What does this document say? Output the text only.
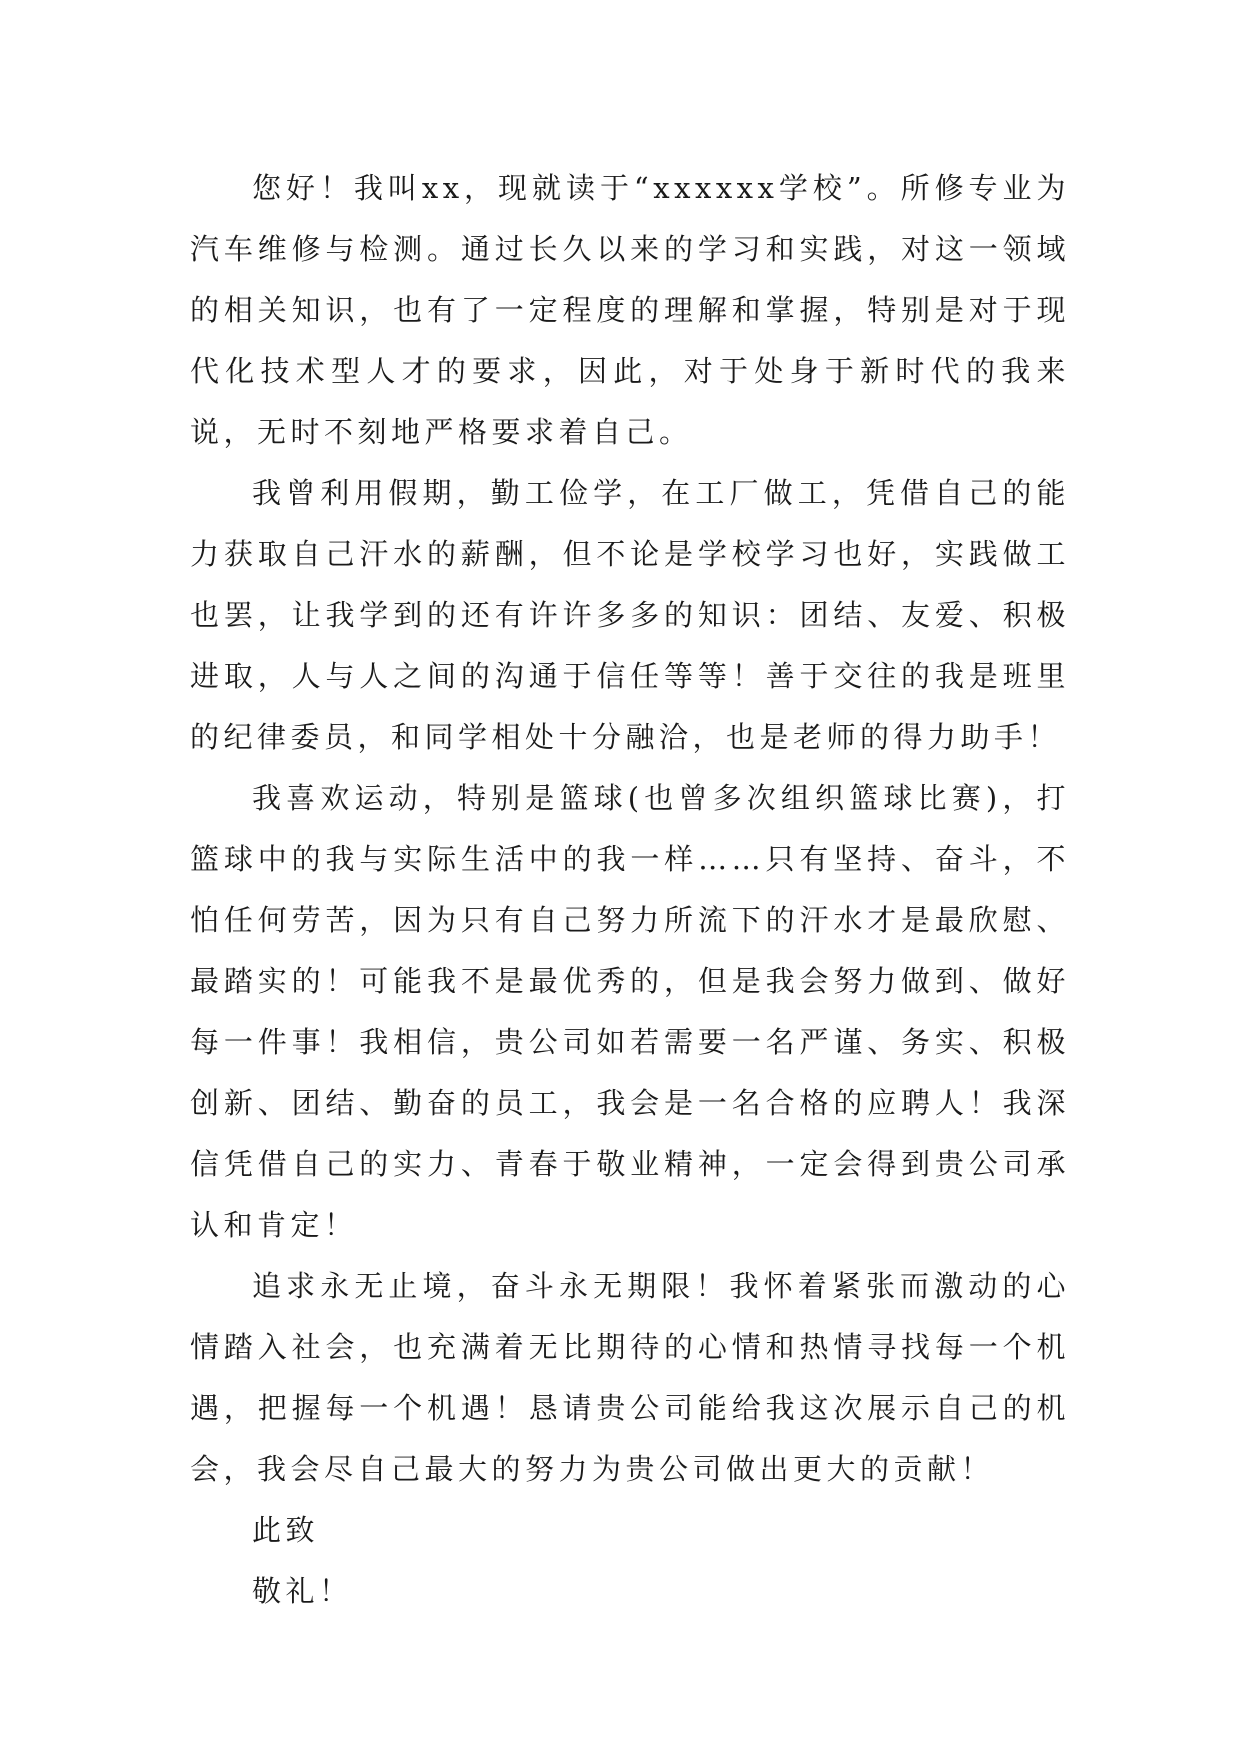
您好！我叫xx，现就读于“xxxxxx学校”。所修专业为汽车维修与检测。通过长久以来的学习和实践，对这一领域的相关知识，也有了一定程度的理解和掌握，特别是对于现代化技术型人才的要求，因此，对于处身于新时代的我来说，无时不刻地严格要求着自己。

我曾利用假期，勤工俭学，在工厂做工，凭借自己的能力获取自己汗水的薪酬，但不论是学校学习也好，实践做工也罢，让我学到的还有许许多多的知识：团结、友爱、积极进取，人与人之间的沟通于信任等等！善于交往的我是班里的纪律委员，和同学相处十分融洽，也是老师的得力助手！

我喜欢运动，特别是篮球(也曾多次组织篮球比赛)，打篮球中的我与实际生活中的我一样……只有坚持、奋斗，不怕任何劳苦，因为只有自己努力所流下的汗水才是最欣慰、最踏实的！可能我不是最优秀的，但是我会努力做到、做好每一件事！我相信，贵公司如若需要一名严谨、务实、积极创新、团结、勤奋的员工，我会是一名合格的应聘人！我深信凭借自己的实力、青春于敬业精神，一定会得到贵公司承认和肯定！

追求永无止境，奋斗永无期限！我怀着紧张而激动的心情踏入社会，也充满着无比期待的心情和热情寻找每一个机遇，把握每一个机遇！恳请贵公司能给我这次展示自己的机会，我会尽自己最大的努力为贵公司做出更大的贡献！

此致

敬礼！
